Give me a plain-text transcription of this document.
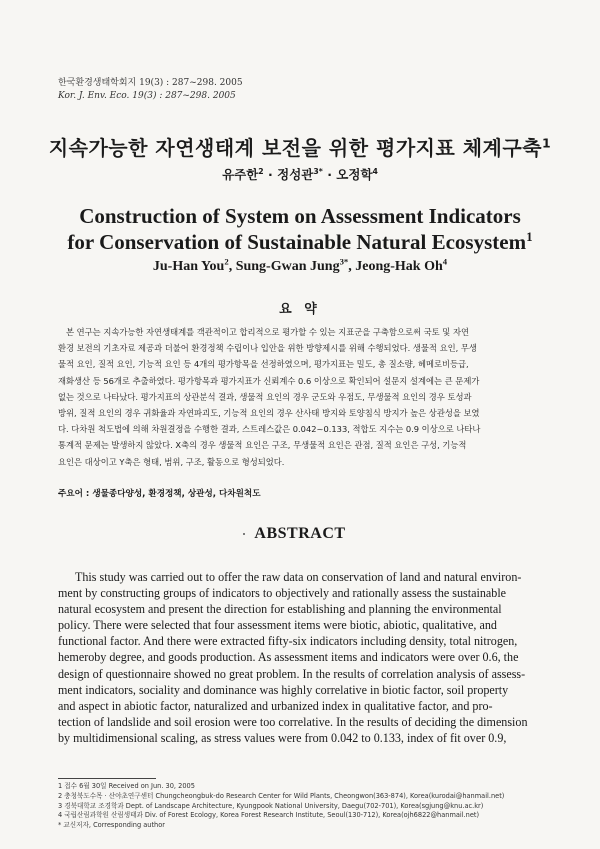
한국환경생태학회지 19(3) : 287~298. 2005
Kor. J. Env. Eco. 19(3) : 287~298. 2005
지속가능한 자연생태계 보전을 위한 평가지표 체계구축$^1$
유주한$^2$ · 정성관$^{3*}$ · 오정학$^4$
Construction of System on Assessment Indicators
for Conservation of Sustainable Natural Ecosystem$^1$
Ju-Han You$^2$, Sung-Gwan Jung$^{3*}$, Jeong-Hak Oh$^4$
요 약
본 연구는 지속가능한 자연생태계를 객관적이고 합리적으로 평가할 수 있는 지표군을 구축함으로써 국토 및 자연
환경 보전의 기초자료 제공과 더불어 환경정책 수립이나 입안을 위한 방향제시를 위해 수행되었다. 생물적 요인, 무생
물적 요인, 질적 요인, 기능적 요인 등 4개의 평가항목을 선정하였으며, 평가지표는 밀도, 총 질소량, 헤메로비등급,
재화생산 등 56개로 추출하였다. 평가항목과 평가지표가 신뢰계수 0.6 이상으로 확인되어 설문지 설계에는 큰 문제가
없는 것으로 나타났다. 평가지표의 상관분석 결과, 생물적 요인의 경우 군도와 우점도, 무생물적 요인의 경우 토성과
방위, 질적 요인의 경우 귀화율과 자연파괴도, 기능적 요인의 경우 산사태 방지와 토양침식 방지가 높은 상관성을 보였
다. 다차원 척도법에 의해 차원결정을 수행한 결과, 스트레스값은 0.042~0.133, 적합도 지수는 0.9 이상으로 나타나
통계적 문제는 발생하지 않았다. X축의 경우 생물적 요인은 구조, 무생물적 요인은 관점, 질적 요인은 구성, 기능적
요인은 대상이고 Y축은 형태, 범위, 구조, 활동으로 형성되었다.
주요어 : 생물종다양성, 환경정책, 상관성, 다차원척도
ABSTRACT
This study was carried out to offer the raw data on conservation of land and natural environ-
ment by constructing groups of indicators to objectively and rationally assess the sustainable
natural ecosystem and present the direction for establishing and planning the environmental
policy. There were selected that four assessment items were biotic, abiotic, qualitative, and
functional factor. And there were extracted fifty-six indicators including density, total nitrogen,
hemeroby degree, and goods production. As assessment items and indicators were over 0.6, the
design of questionnaire showed no great problem. In the results of correlation analysis of assess-
ment indicators, sociality and dominance was highly correlative in biotic factor, soil property
and aspect in abiotic factor, naturalized and urbanized index in qualitative factor, and pro-
tection of landslide and soil erosion were too correlative. In the results of deciding the dimension
by multidimensional scaling, as stress values were from 0.042 to 0.133, index of fit over 0.9,
1 접수 6월 30일 Received on Jun. 30, 2005
2 충청북도수목 · 산야초연구센터 Chungcheongbuk-do Research Center for Wild Plants, Cheongwon(363-874), Korea(kurodai@hanmail.net)
3 경북대학교 조경학과 Dept. of Landscape Architecture, Kyungpook National University, Daegu(702-701), Korea(sgjung@knu.ac.kr)
4 국립산림과학원 산림생태과 Div. of Forest Ecology, Korea Forest Research Institute, Seoul(130-712), Korea(ojh6822@hanmail.net)
* 교신저자, Corresponding author
